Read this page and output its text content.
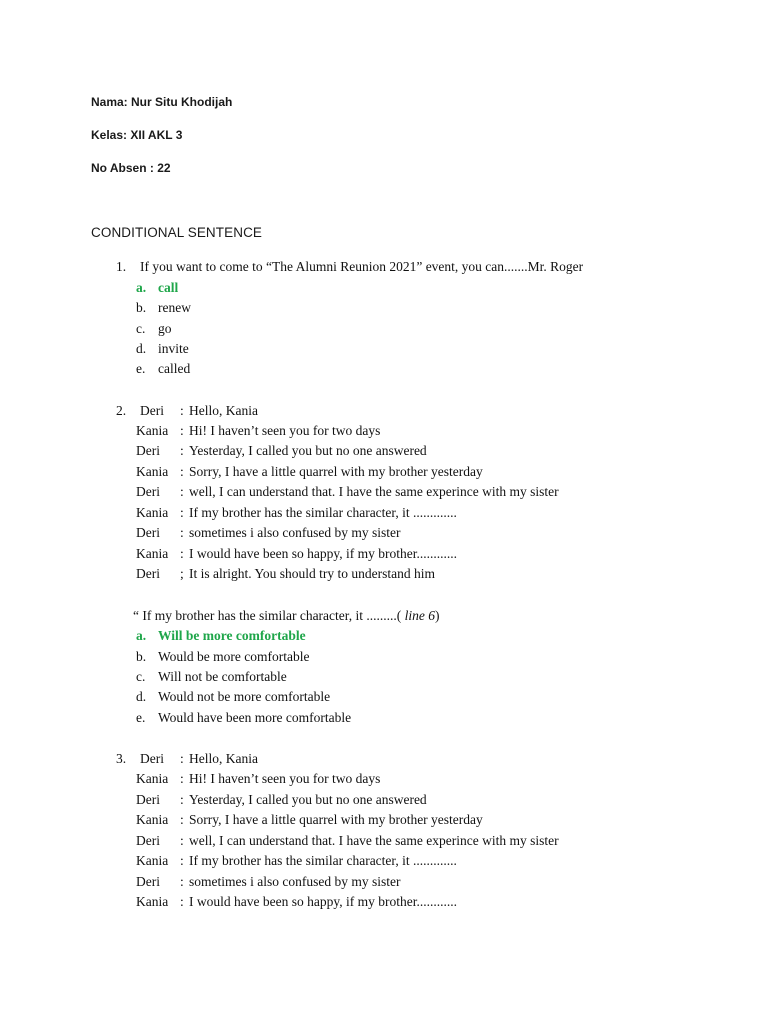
Nama: Nur Situ Khodijah
Kelas: XII AKL 3
No Absen : 22
CONDITIONAL SENTENCE
1. If you want to come to “The Alumni Reunion 2021” event, you can.......Mr. Roger
a. call
b. renew
c. go
d. invite
e. called
2. Deri : Hello, Kania
Kania : Hi! I haven’t seen you for two days
Deri : Yesterday, I called you but no one answered
Kania : Sorry, I have a little quarrel with my brother yesterday
Deri : well, I can understand that. I have the same experince with my sister
Kania : If my brother has the similar character, it .............
Deri : sometimes i also confused by my sister
Kania : I would have been so happy, if my brother............
Deri ; It is alright. You should try to understand him
“ If my brother has the similar character, it .........( line 6)
a. Will be more comfortable
b. Would be more comfortable
c. Will not be comfortable
d. Would not be more comfortable
e. Would have been more comfortable
3. Deri : Hello, Kania
Kania : Hi! I haven’t seen you for two days
Deri : Yesterday, I called you but no one answered
Kania : Sorry, I have a little quarrel with my brother yesterday
Deri : well, I can understand that. I have the same experince with my sister
Kania : If my brother has the similar character, it .............
Deri : sometimes i also confused by my sister
Kania : I would have been so happy, if my brother............
